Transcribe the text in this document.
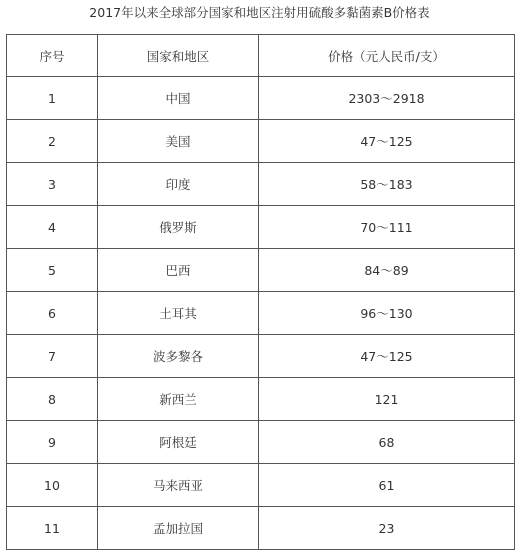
2017年以来全球部分国家和地区注射用硫酸多黏菌素B价格表
序号	国家和地区	价格（元人民币/支）
1	中国	2303～2918
2	美国	47～125
3	印度	58～183
4	俄罗斯	70～111
5	巴西	84～89
6	土耳其	96～130
7	波多黎各	47～125
8	新西兰	121
9	阿根廷	68
10	马来西亚	61
11	孟加拉国	23
